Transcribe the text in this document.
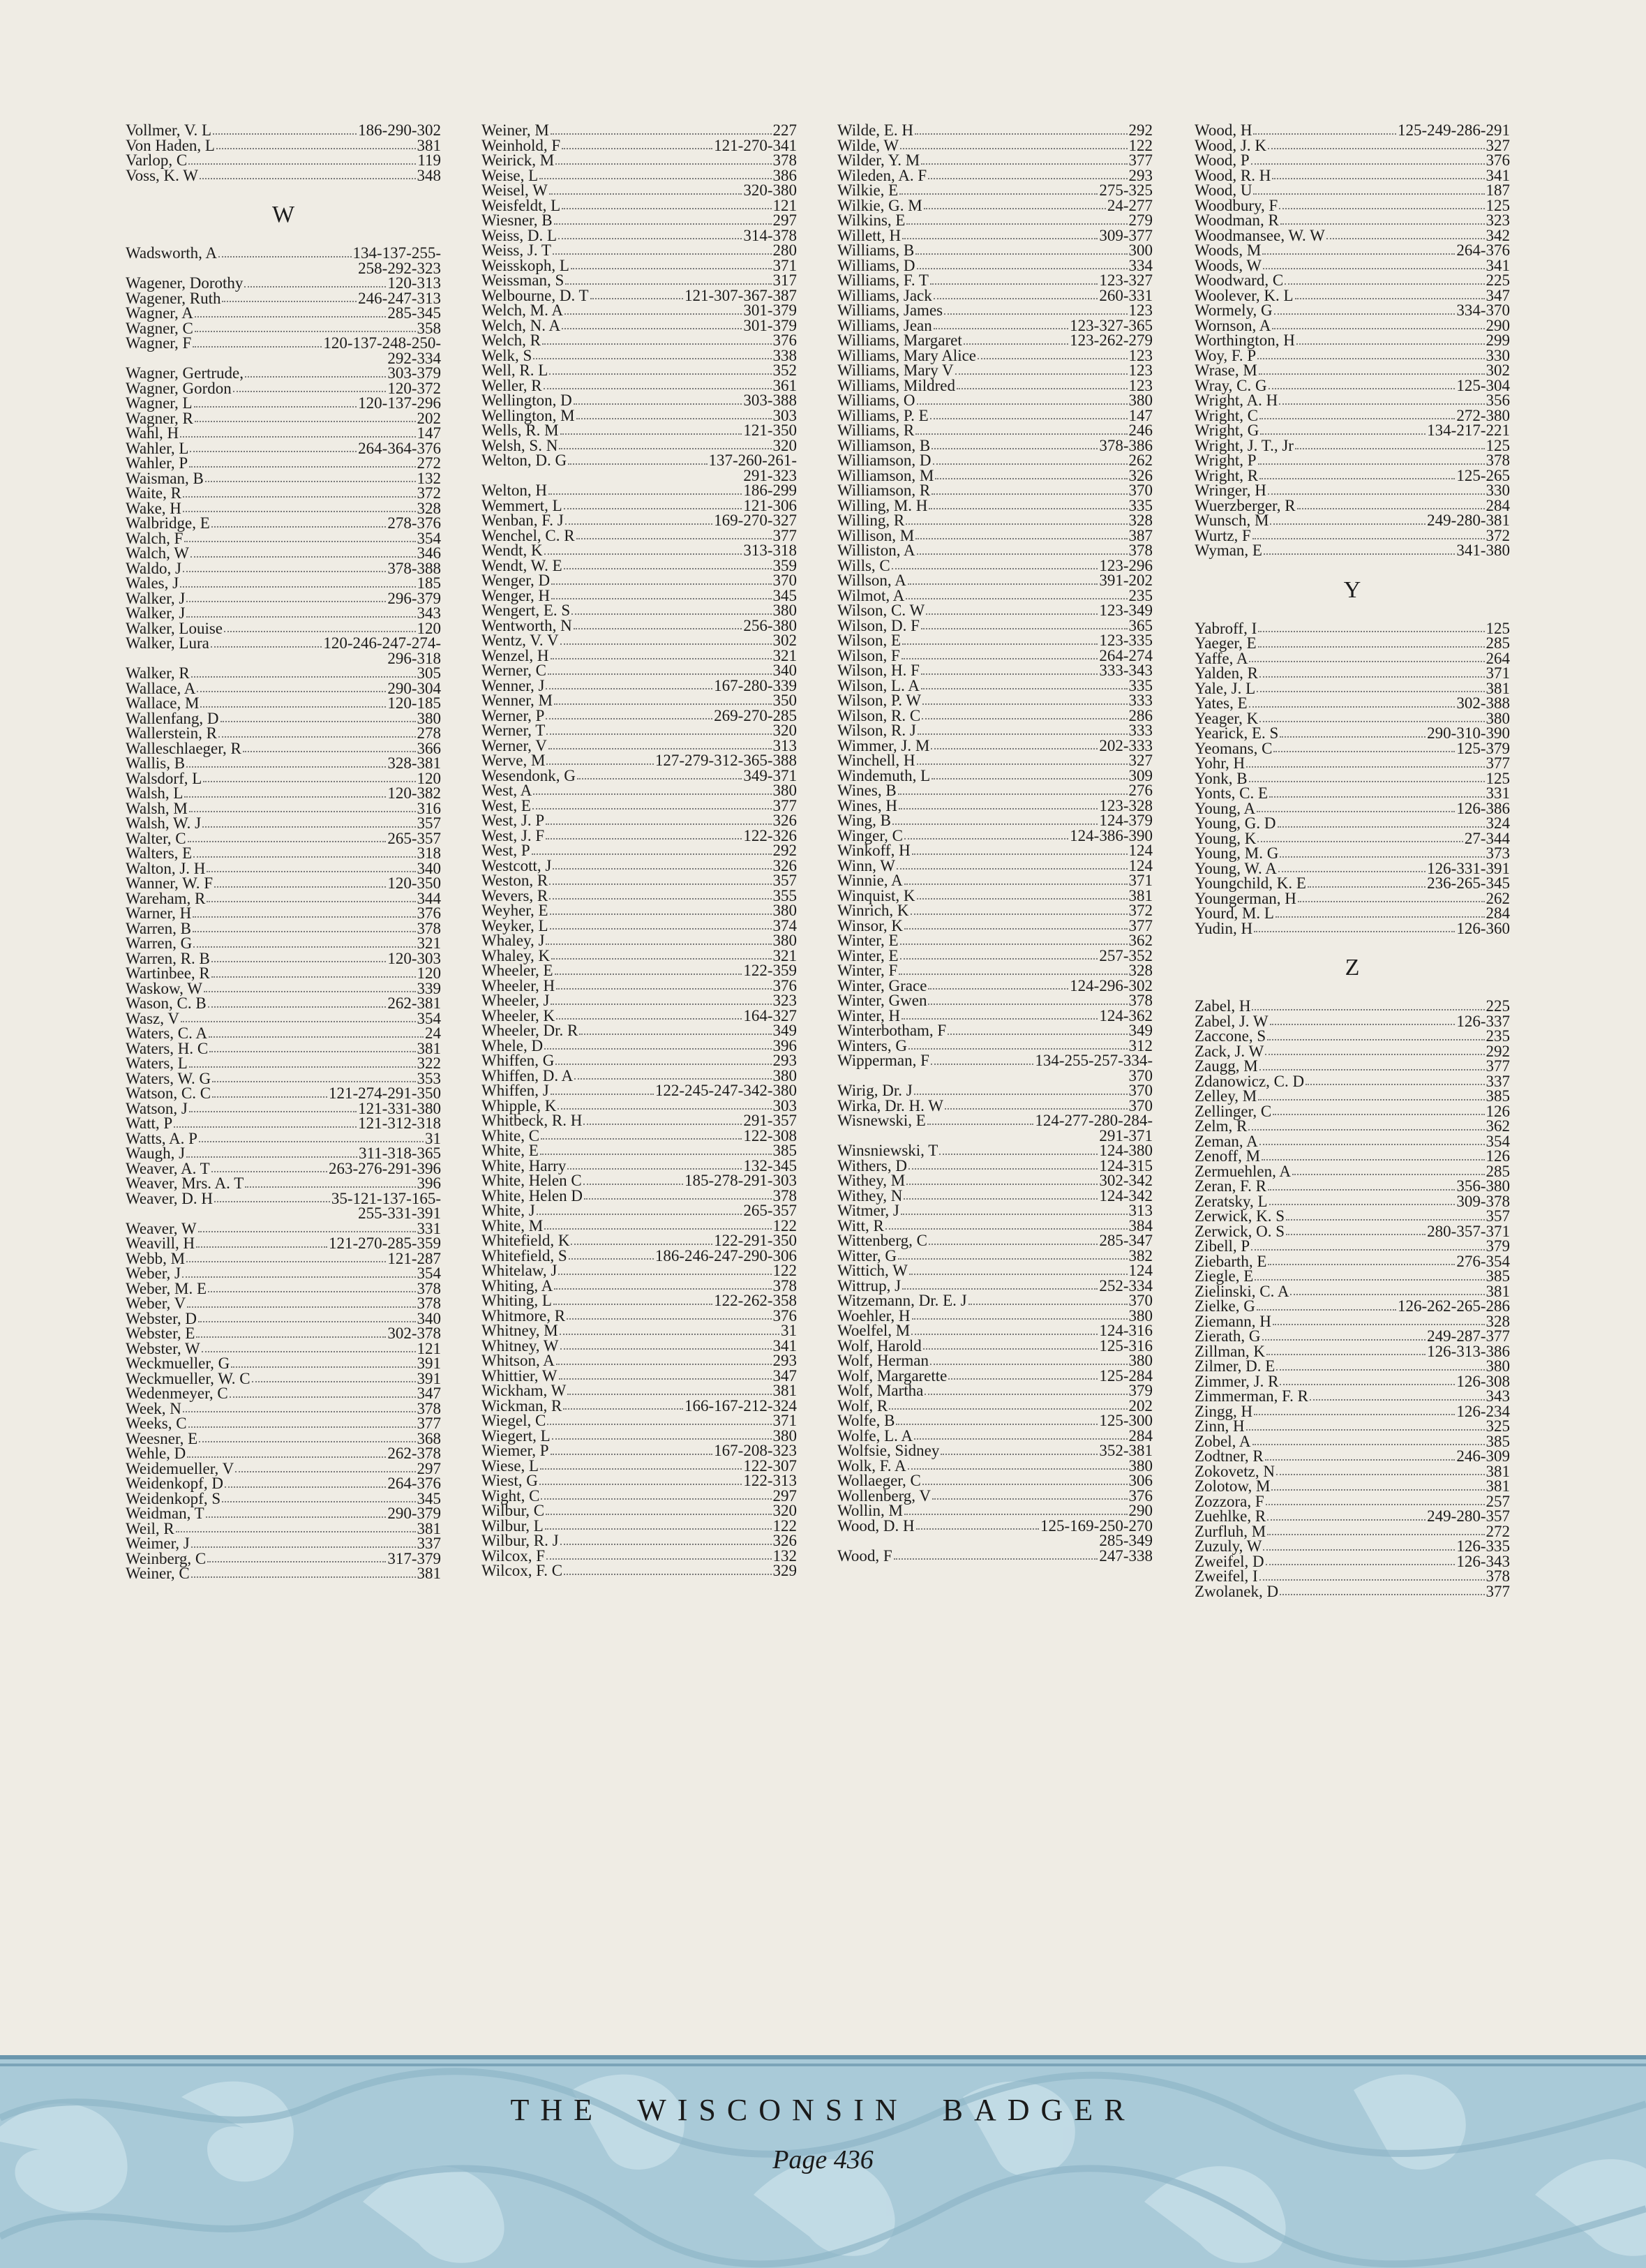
Vollmer, V. L	186-290-302
Von Haden, L	381
Varlop, C	119
Voss, K. W	348
W
Wadsworth, A	134-137-255-
258-292-323
Wagener, Dorothy	120-313
Wagener, Ruth	246-247-313
Wagner, A	285-345
Wagner, C	358
Wagner, F	120-137-248-250-
292-334
Wagner, Gertrude,	303-379
Wagner, Gordon	120-372
Wagner, L	120-137-296
Wagner, R	202
Wahl, H	147
Wahler, L	264-364-376
Wahler, P	272
Waisman, B	132
Waite, R	372
Wake, H	328
Walbridge, E	278-376
Walch, F	354
Walch, W	346
Waldo, J	378-388
Wales, J	185
Walker, J	296-379
Walker, J	343
Walker, Louise	120
Walker, Lura	120-246-247-274-
296-318
Walker, R	305
Wallace, A	290-304
Wallace, M	120-185
Wallenfang, D	380
Wallerstein, R	278
Walleschlaeger, R	366
Wallis, B	328-381
Walsdorf, L	120
Walsh, L	120-382
Walsh, M	316
Walsh, W. J	357
Walter, C	265-357
Walters, E	318
Walton, J. H	340
Wanner, W. F	120-350
Wareham, R	344
Warner, H	376
Warren, B	378
Warren, G	321
Warren, R. B	120-303
Wartinbee, R	120
Waskow, W	339
Wason, C. B	262-381
Wasz, V	354
Waters, C. A	24
Waters, H. C	381
Waters, L	322
Waters, W. G	353
Watson, C. C	121-274-291-350
Watson, J	121-331-380
Watt, P	121-312-318
Watts, A. P	31
Waugh, J	311-318-365
Weaver, A. T	263-276-291-396
Weaver, Mrs. A. T	396
Weaver, D. H	35-121-137-165-
255-331-391
Weaver, W	331
Weavill, H	121-270-285-359
Webb, M	121-287
Weber, J	354
Weber, M. E	378
Weber, V	378
Webster, D	340
Webster, E	302-378
Webster, W	121
Weckmueller, G	391
Weckmueller, W. C	391
Wedenmeyer, C	347
Week, N	378
Weeks, C	377
Weesner, E	368
Wehle, D	262-378
Weidemueller, V	297
Weidenkopf, D	264-376
Weidenkopf, S	345
Weidman, T	290-379
Weil, R	381
Weimer, J	337
Weinberg, C	317-379
Weiner, C	381
Weiner, M	227
Weinhold, F	121-270-341
Weirick, M	378
Weise, L	386
Weisel, W	320-380
Weisfeldt, L	121
Wiesner, B	297
Weiss, D. L	314-378
Weiss, J. T	280
Weisskoph, L	371
Weissman, S	317
Welbourne, D. T	121-307-367-387
Welch, M. A	301-379
Welch, N. A	301-379
Welch, R	376
Welk, S	338
Well, R. L	352
Weller, R	361
Wellington, D	303-388
Wellington, M	303
Wells, R. M	121-350
Welsh, S. N	320
Welton, D. G	137-260-261-
291-323
Welton, H	186-299
Wemmert, L	121-306
Wenban, F. J	169-270-327
Wenchel, C. R	377
Wendt, K	313-318
Wendt, W. E	359
Wenger, D	370
Wenger, H	345
Wengert, E. S	380
Wentworth, N	256-380
Wentz, V. V	302
Wenzel, H	321
Werner, C	340
Wenner, J	167-280-339
Wenner, M	350
Werner, P	269-270-285
Werner, T	320
Werner, V	313
Werve, M	127-279-312-365-388
Wesendonk, G	349-371
West, A	380
West, E	377
West, J. P	326
West, J. F	122-326
West, P	292
Westcott, J	326
Weston, R	357
Wevers, R	355
Weyher, E	380
Weyker, L	374
Whaley, J	380
Whaley, K	321
Wheeler, E	122-359
Wheeler, H	376
Wheeler, J	323
Wheeler, K	164-327
Wheeler, Dr. R	349
Whele, D	396
Whiffen, G	293
Whiffen, D. A	380
Whiffen, J	122-245-247-342-380
Whipple, K	303
Whitbeck, R. H	291-357
White, C	122-308
White, E	385
White, Harry	132-345
White, Helen C	185-278-291-303
White, Helen D	378
White, J	265-357
White, M	122
Whitefield, K	122-291-350
Whitefield, S	186-246-247-290-306
Whitelaw, J	122
Whiting, A	378
Whiting, L	122-262-358
Whitmore, R	376
Whitney, M	31
Whitney, W	341
Whitson, A	293
Whittier, W	347
Wickham, W	381
Wickman, R	166-167-212-324
Wiegel, C	371
Wiegert, L	380
Wiemer, P	167-208-323
Wiese, L	122-307
Wiest, G	122-313
Wight, C	297
Wilbur, C	320
Wilbur, L	122
Wilbur, R. J	326
Wilcox, F	132
Wilcox, F. C	329
Wilde, E. H	292
Wilde, W	122
Wilder, Y. M	377
Wileden, A. F	293
Wilkie, E	275-325
Wilkie, G. M	24-277
Wilkins, E	279
Willett, H	309-377
Williams, B	300
Williams, D	334
Williams, F. T	123-327
Williams, Jack	260-331
Williams, James	123
Williams, Jean	123-327-365
Williams, Margaret	123-262-279
Williams, Mary Alice	123
Williams, Mary V	123
Williams, Mildred	123
Williams, O	380
Williams, P. E	147
Williams, R	246
Williamson, B	378-386
Williamson, D	262
Williamson, M	326
Williamson, R	370
Willing, M. H	335
Willing, R	328
Willison, M	387
Williston, A	378
Wills, C	123-296
Willson, A	391-202
Wilmot, A	235
Wilson, C. W	123-349
Wilson, D. F	365
Wilson, E	123-335
Wilson, F	264-274
Wilson, H. F	333-343
Wilson, L. A	335
Wilson, P. W	333
Wilson, R. C	286
Wilson, R. J	333
Wimmer, J. M	202-333
Winchell, H	327
Windemuth, L	309
Wines, B	276
Wines, H	123-328
Wing, B	124-379
Winger, C	124-386-390
Winkoff, H	124
Winn, W	124
Winnie, A	371
Winquist, K	381
Winrich, K	372
Winsor, K	377
Winter, E	362
Winter, E	257-352
Winter, F	328
Winter, Grace	124-296-302
Winter, Gwen	378
Winter, H	124-362
Winterbotham, F	349
Winters, G	312
Wipperman, F	134-255-257-334-
370
Wirig, Dr. J	370
Wirka, Dr. H. W	370
Wisnewski, E	124-277-280-284-
291-371
Winsniewski, T	124-380
Withers, D	124-315
Withey, M	302-342
Withey, N	124-342
Witmer, J	313
Witt, R	384
Wittenberg, C	285-347
Witter, G	382
Wittich, W	124
Wittrup, J	252-334
Witzemann, Dr. E. J	370
Woehler, H	380
Woelfel, M	124-316
Wolf, Harold	125-316
Wolf, Herman	380
Wolf, Margarette	125-284
Wolf, Martha	379
Wolf, R	202
Wolfe, B	125-300
Wolfe, L. A	284
Wolfsie, Sidney	352-381
Wolk, F. A	380
Wollaeger, C	306
Wollenberg, V	376
Wollin, M	290
Wood, D. H	125-169-250-270
285-349
Wood, F	247-338
Wood, H	125-249-286-291
Wood, J. K	327
Wood, P	376
Wood, R. H	341
Wood, U	187
Woodbury, F	125
Woodman, R	323
Woodmansee, W. W	342
Woods, M	264-376
Woods, W	341
Woodward, C	225
Woolever, K. L	347
Wormely, G	334-370
Wornson, A	290
Worthington, H	299
Woy, F. P	330
Wrase, M	302
Wray, C. G	125-304
Wright, A. H	356
Wright, C	272-380
Wright, G	134-217-221
Wright, J. T., Jr	125
Wright, P	378
Wright, R	125-265
Wringer, H	330
Wuerzberger, R	284
Wunsch, M	249-280-381
Wurtz, F	372
Wyman, E	341-380
Y
Yabroff, I	125
Yaeger, E	285
Yaffe, A	264
Yalden, R	371
Yale, J. L	381
Yates, E	302-388
Yeager, K	380
Yearick, E. S	290-310-390
Yeomans, C	125-379
Yohr, H	377
Yonk, B	125
Yonts, C. E	331
Young, A	126-386
Young, G. D	324
Young, K	27-344
Young, M. G	373
Young, W. A	126-331-391
Youngchild, K. E	236-265-345
Youngerman, H	262
Yourd, M. L	284
Yudin, H	126-360
Z
Zabel, H	225
Zabel, J. W	126-337
Zaccone, S	235
Zack, J. W	292
Zaugg, M	377
Zdanowicz, C. D	337
Zelley, M	385
Zellinger, C	126
Zelm, R	362
Zeman, A	354
Zenoff, M	126
Zermuehlen, A	285
Zeran, F. R	356-380
Zeratsky, L	309-378
Zerwick, K. S	357
Zerwick, O. S	280-357-371
Zibell, P	379
Ziebarth, E	276-354
Ziegle, E	385
Zielinski, C. A	381
Zielke, G	126-262-265-286
Ziemann, H	328
Zierath, G	249-287-377
Zillman, K	126-313-386
Zilmer, D. E	380
Zimmer, J. R	126-308
Zimmerman, F. R	343
Zingg, H	126-234
Zinn, H	325
Zobel, A	385
Zodtner, R	246-309
Zokovetz, N	381
Zolotow, M	381
Zozzora, F	257
Zuehlke, R	249-280-357
Zurfluh, M	272
Zuzuly, W	126-335
Zweifel, D	126-343
Zweifel, I	378
Zwolanek, D	377
THE WISCONSIN BADGER
Page 436
